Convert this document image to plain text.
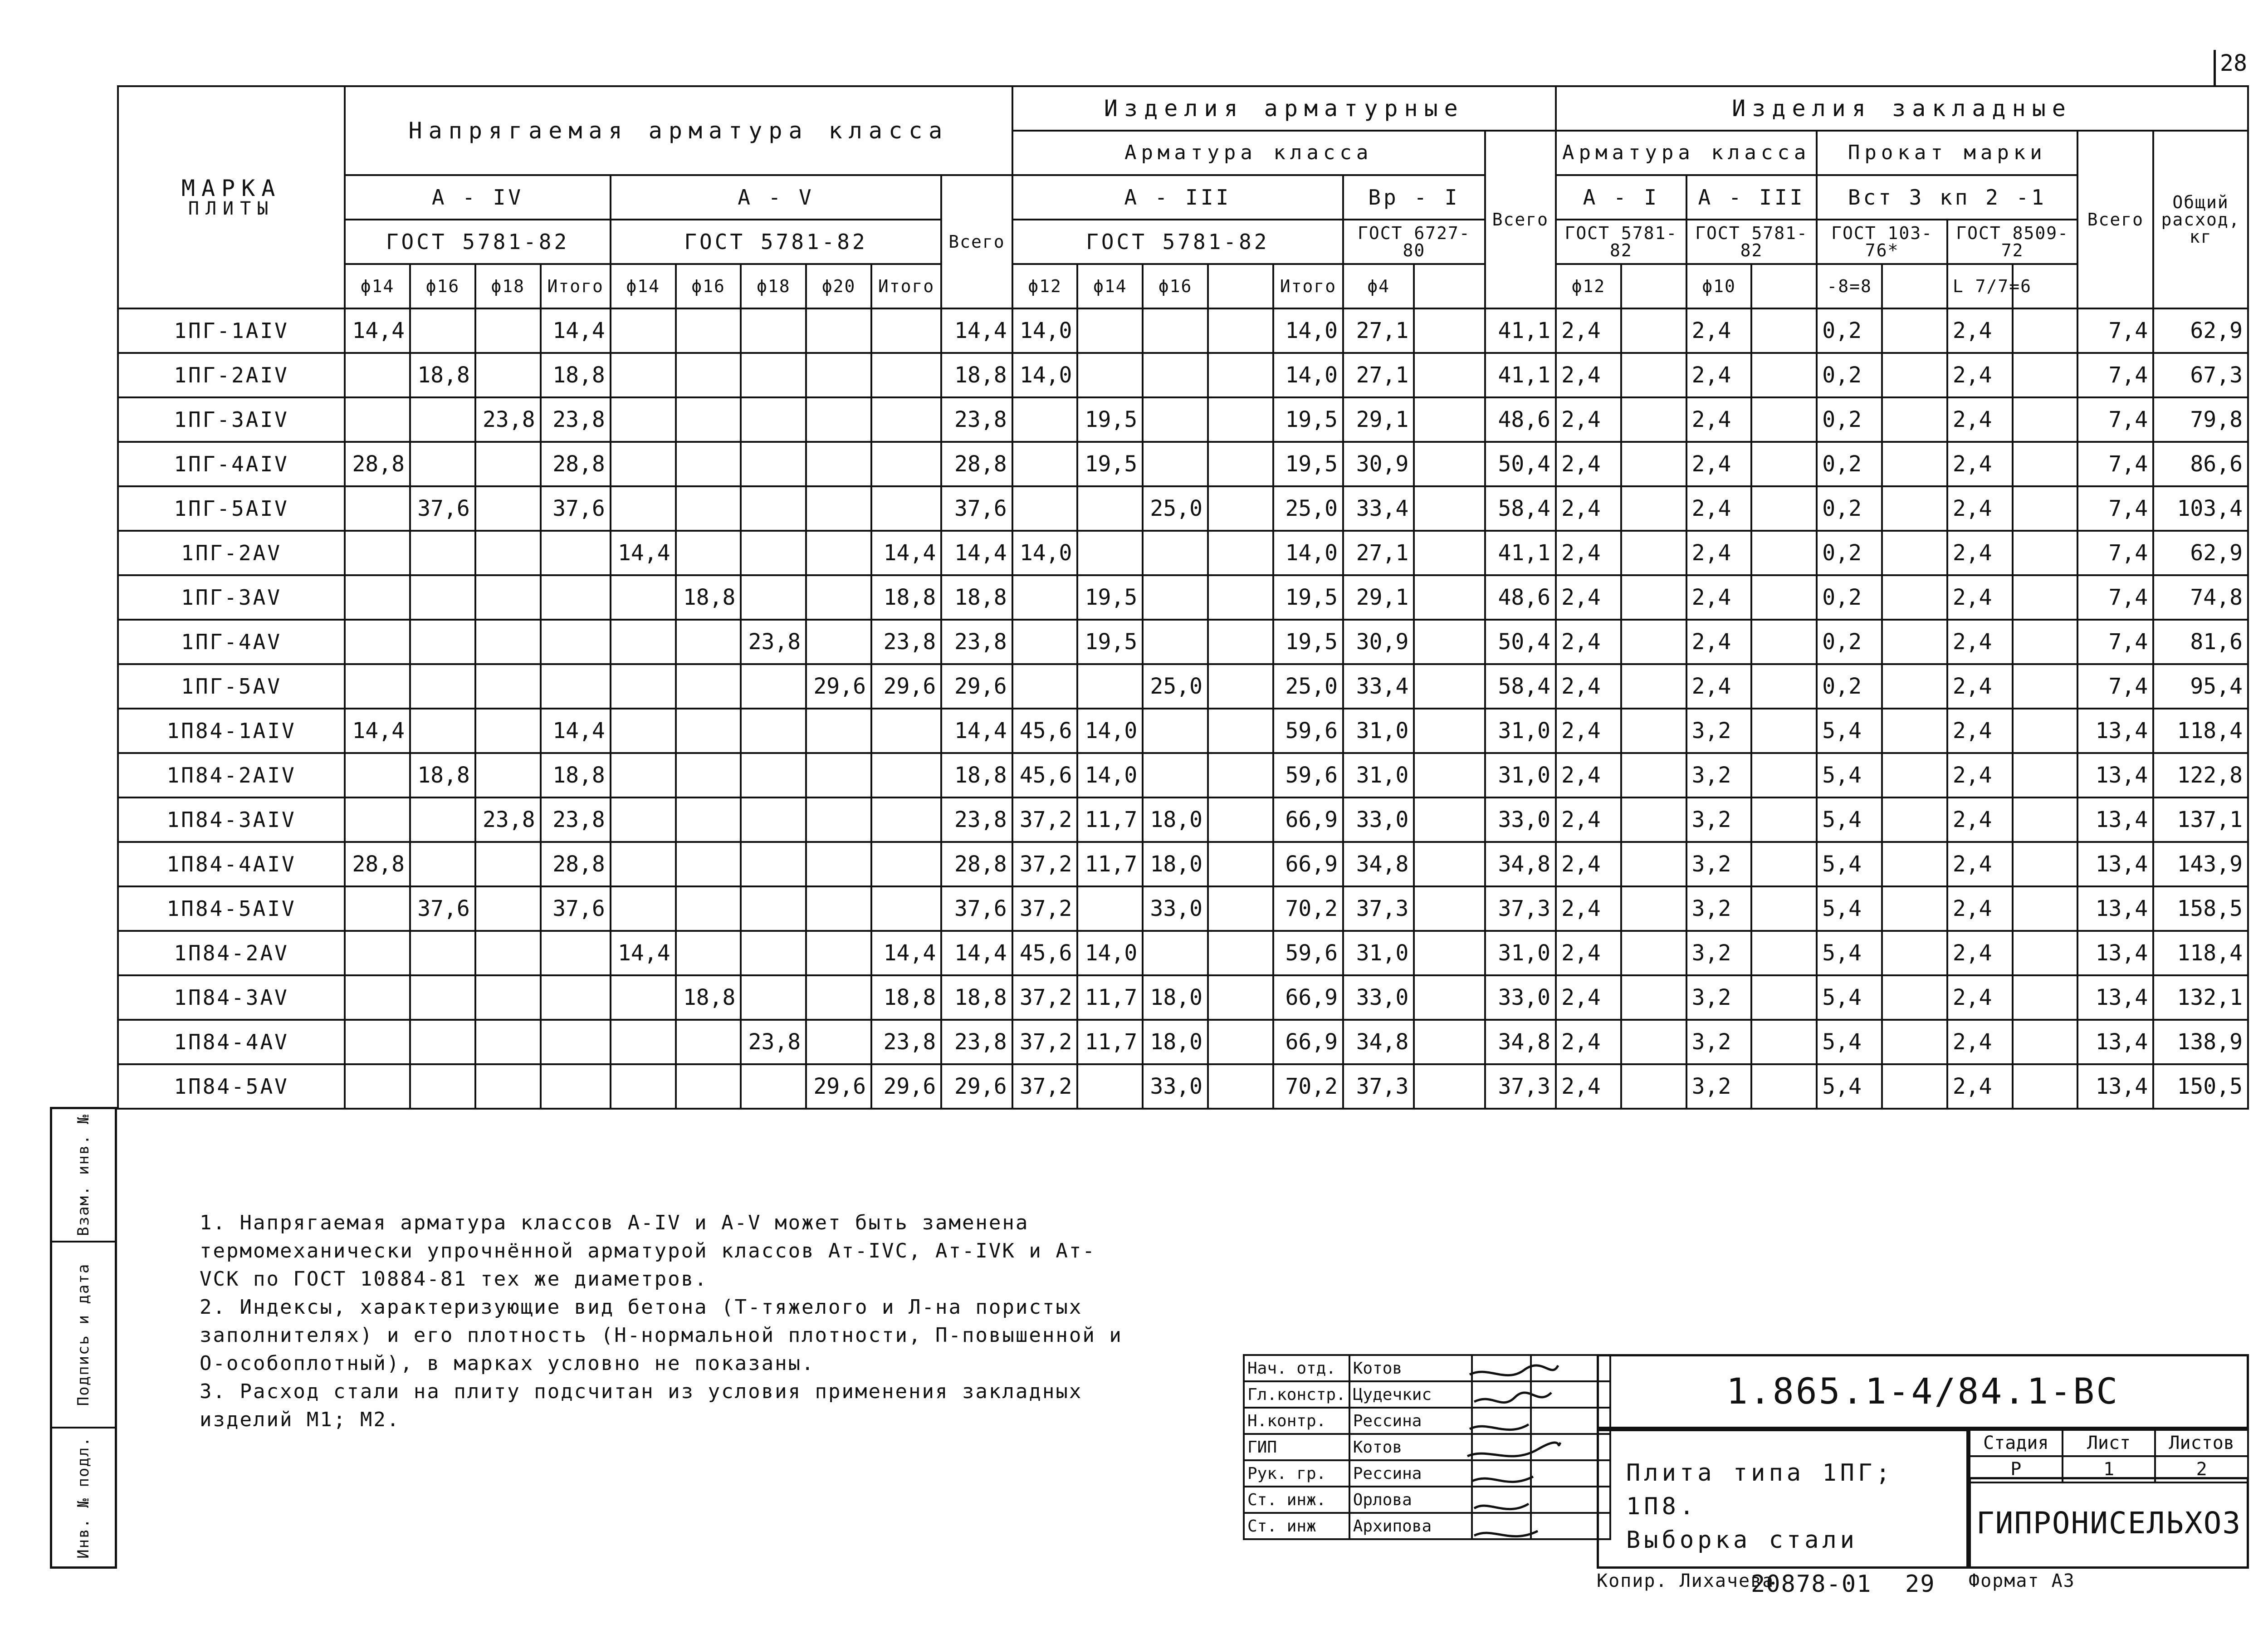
28
МАРКА
ПЛИТЫ	Напрягаемая арматура класса										Изделия арматурные								Изделия закладные									
											Арматура класса							Всего	Арматура класса				Прокат марки				Всего	Общий расход, кг
	А - IV				А - V					Всего	А - III					Вр - I			А - I		А - III		Вст 3 кп 2 -1					
	ГОСТ 5781-82				ГОСТ 5781-82						ГОСТ 5781-82					ГОСТ 6727-80			ГОСТ 5781-82		ГОСТ 5781-82		ГОСТ 103-76*		ГОСТ 8509-72			
	ϕ14	ϕ16	ϕ18	Итого	ϕ14	ϕ16	ϕ18	ϕ20	Итого		ϕ12	ϕ14	ϕ16		Итого	ϕ4			ϕ12		ϕ10		-8=8		L 7/7=6			
1ПГ-1АIV	14,4			14,4						14,4	14,0				14,0	27,1		41,1	2,4		2,4		0,2		2,4		7,4	62,9
1ПГ-2АIV		18,8		18,8						18,8	14,0				14,0	27,1		41,1	2,4		2,4		0,2		2,4		7,4	67,3
1ПГ-3АIV			23,8	23,8						23,8		19,5			19,5	29,1		48,6	2,4		2,4		0,2		2,4		7,4	79,8
1ПГ-4АIV	28,8			28,8						28,8		19,5			19,5	30,9		50,4	2,4		2,4		0,2		2,4		7,4	86,6
1ПГ-5АIV		37,6		37,6						37,6			25,0		25,0	33,4		58,4	2,4		2,4		0,2		2,4		7,4	103,4
1ПГ-2АV					14,4				14,4	14,4	14,0				14,0	27,1		41,1	2,4		2,4		0,2		2,4		7,4	62,9
1ПГ-3АV						18,8			18,8	18,8		19,5			19,5	29,1		48,6	2,4		2,4		0,2		2,4		7,4	74,8
1ПГ-4АV							23,8		23,8	23,8		19,5			19,5	30,9		50,4	2,4		2,4		0,2		2,4		7,4	81,6
1ПГ-5АV								29,6	29,6	29,6			25,0		25,0	33,4		58,4	2,4		2,4		0,2		2,4		7,4	95,4
1П84-1АIV	14,4			14,4						14,4	45,6	14,0			59,6	31,0		31,0	2,4		3,2		5,4		2,4		13,4	118,4
1П84-2АIV		18,8		18,8						18,8	45,6	14,0			59,6	31,0		31,0	2,4		3,2		5,4		2,4		13,4	122,8
1П84-3АIV			23,8	23,8						23,8	37,2	11,7	18,0		66,9	33,0		33,0	2,4		3,2		5,4		2,4		13,4	137,1
1П84-4АIV	28,8			28,8						28,8	37,2	11,7	18,0		66,9	34,8		34,8	2,4		3,2		5,4		2,4		13,4	143,9
1П84-5АIV		37,6		37,6						37,6	37,2		33,0		70,2	37,3		37,3	2,4		3,2		5,4		2,4		13,4	158,5
1П84-2АV					14,4				14,4	14,4	45,6	14,0			59,6	31,0		31,0	2,4		3,2		5,4		2,4		13,4	118,4
1П84-3АV						18,8			18,8	18,8	37,2	11,7	18,0		66,9	33,0		33,0	2,4		3,2		5,4		2,4		13,4	132,1
1П84-4АV							23,8		23,8	23,8	37,2	11,7	18,0		66,9	34,8		34,8	2,4		3,2		5,4		2,4		13,4	138,9
1П84-5АV								29,6	29,6	29,6	37,2		33,0		70,2	37,3		37,3	2,4		3,2		5,4		2,4		13,4	150,5

1. Напрягаемая арматура классов А-IV и А-V может быть заменена термомеханически упрочнённой арматурой классов Ат-IVС, Ат-IVК и Ат-VСК по ГОСТ 10884-81 тех же диаметров.

2. Индексы, характеризующие вид бетона (Т-тяжелого и Л-на пористых заполнителях) и его плотность (Н-нормальной плотности, П-повышенной и О-особоплотный), в марках условно не показаны.

3. Расход стали на плиту подсчитан из условия применения закладных изделий М1; М2.

Взам. инв. №
Подпись и дата
Инв. № подл.
Нач. отд.	Котов		
Гл.констр.	Цудечкис		
Н.контр.	Рессина		
ГИП	Котов		
Рук. гр.	Рессина		
Ст. инж.	Орлова		
Ст. инж	Архипова		
1.865.1-4/84.1-ВС
Плита типа 1ПГ; 1П8.
Выборка стали
Стадия	Лист	Листов
Р	1	2
ГИПРОНИСЕЛЬХОЗ
Копир. Лихачева
20878-01 29 Формат А3
